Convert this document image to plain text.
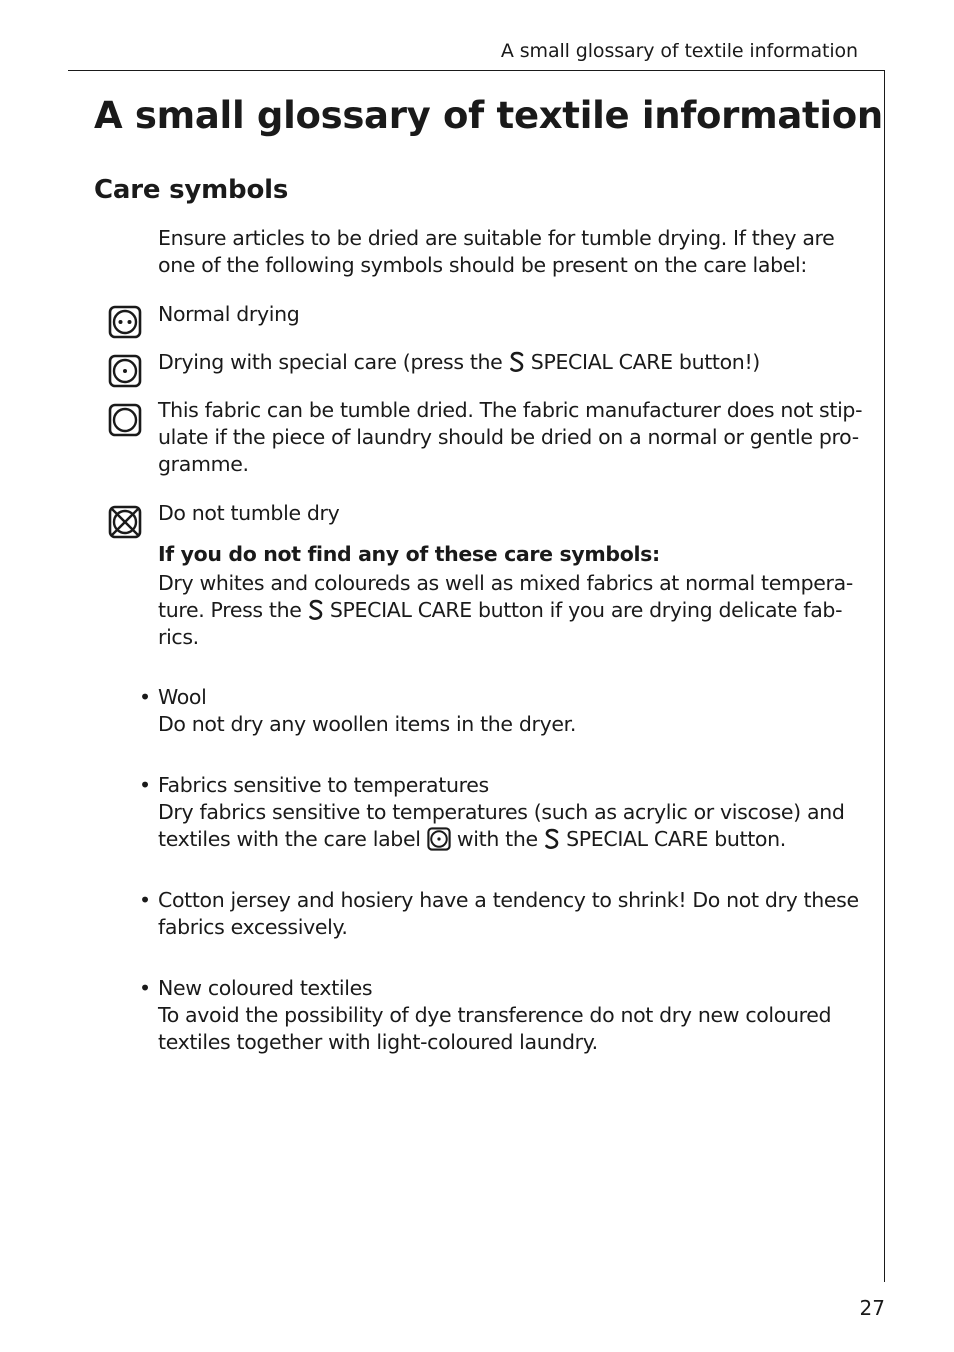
A small glossary of textile information
A small glossary of textile information
Care symbols
Ensure articles to be dried are suitable for tumble drying. If they are
one of the following symbols should be present on the care label:
Normal drying
Drying with special care (press the  SPECIAL CARE button!)
This fabric can be tumble dried. The fabric manufacturer does not stip-
ulate if the piece of laundry should be dried on a normal or gentle pro-
gramme.
Do not tumble dry
If you do not find any of these care symbols:
Dry whites and coloureds as well as mixed fabrics at normal tempera-
ture. Press the  SPECIAL CARE button if you are drying delicate fab-
rics.
• Wool
Do not dry any woollen items in the dryer.
• Fabrics sensitive to temperatures
Dry fabrics sensitive to temperatures (such as acrylic or viscose) and
textiles with the care label  with the  SPECIAL CARE button.
• Cotton jersey and hosiery have a tendency to shrink! Do not dry these
fabrics excessively.
• New coloured textiles
To avoid the possibility of dye transference do not dry new coloured
textiles together with light-coloured laundry.
27
